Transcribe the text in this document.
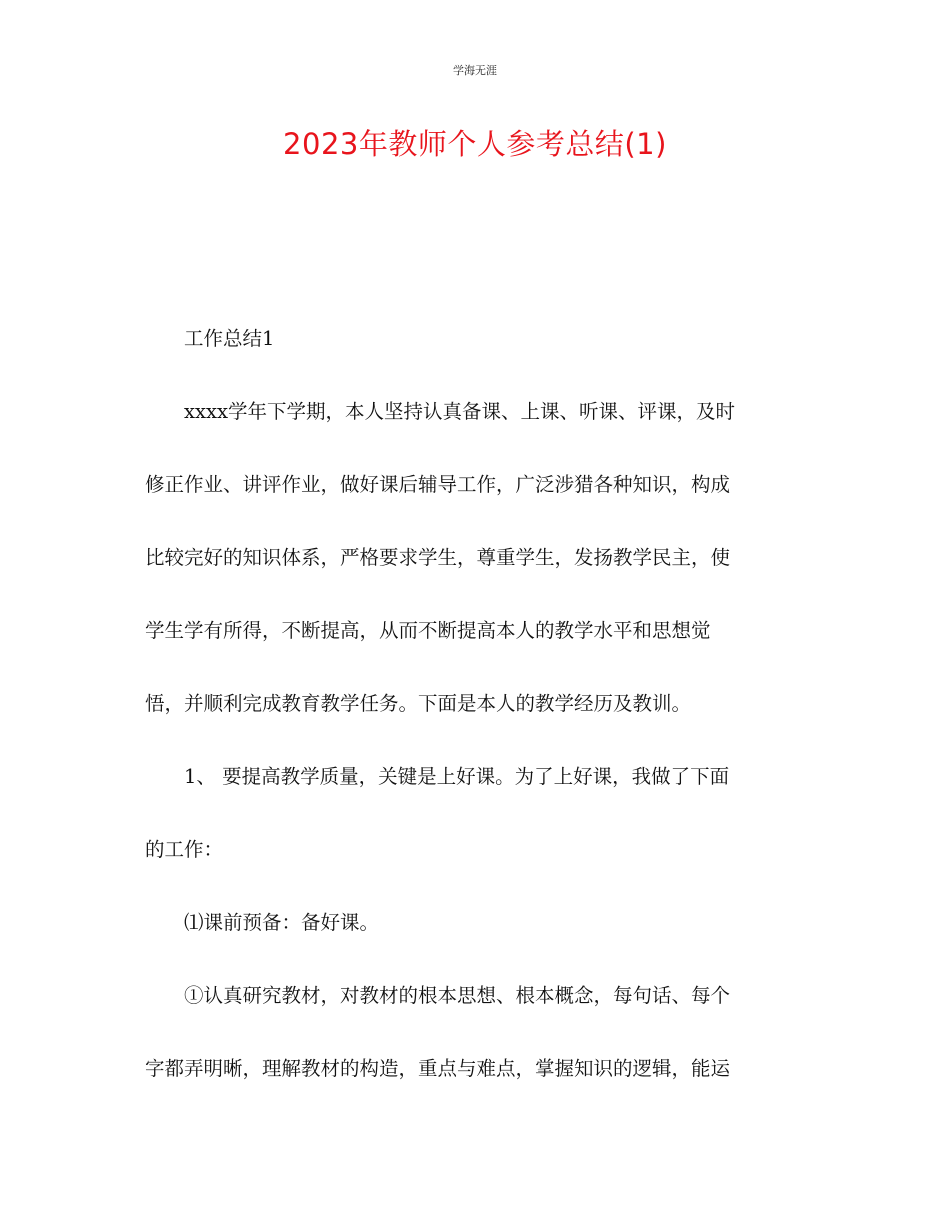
学海无涯
2023年教师个人参考总结(1)
　　工作总结1
　　xxxx学年下学期，本人坚持认真备课、上课、听课、评课，及时
修正作业、讲评作业，做好课后辅导工作，广泛涉猎各种知识，构成
比较完好的知识体系，严格要求学生，尊重学生，发扬教学民主，使
学生学有所得，不断提高，从而不断提高本人的教学水平和思想觉
悟，并顺利完成教育教学任务。下面是本人的教学经历及教训。
　　1、 要提高教学质量，关键是上好课。为了上好课，我做了下面
的工作：
　　⑴课前预备：备好课。
　　①认真研究教材，对教材的根本思想、根本概念，每句话、每个
字都弄明晰，理解教材的构造，重点与难点，掌握知识的逻辑，能运
